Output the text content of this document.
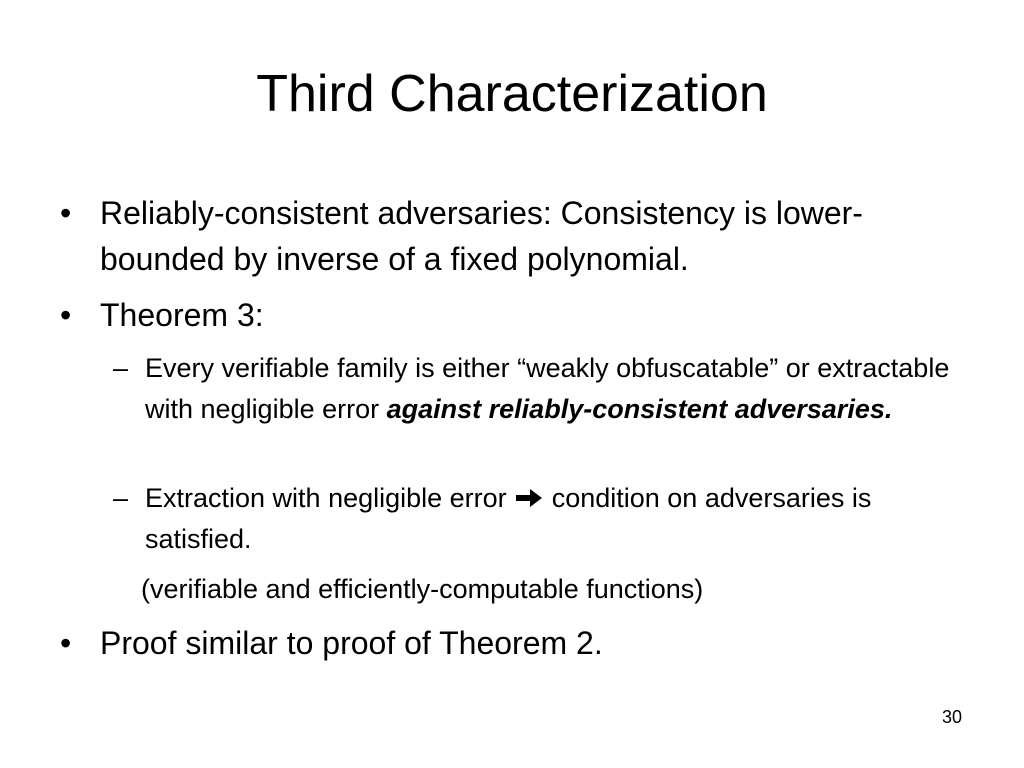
Third Characterization
• Reliably-consistent adversaries: Consistency is lower-bounded by inverse of a fixed polynomial.
• Theorem 3:
– Every verifiable family is either “weakly obfuscatable” or extractable with negligible error against reliably-consistent adversaries.
– Extraction with negligible error condition on adversaries is satisfied.
(verifiable and efficiently-computable functions)
• Proof similar to proof of Theorem 2.
30
